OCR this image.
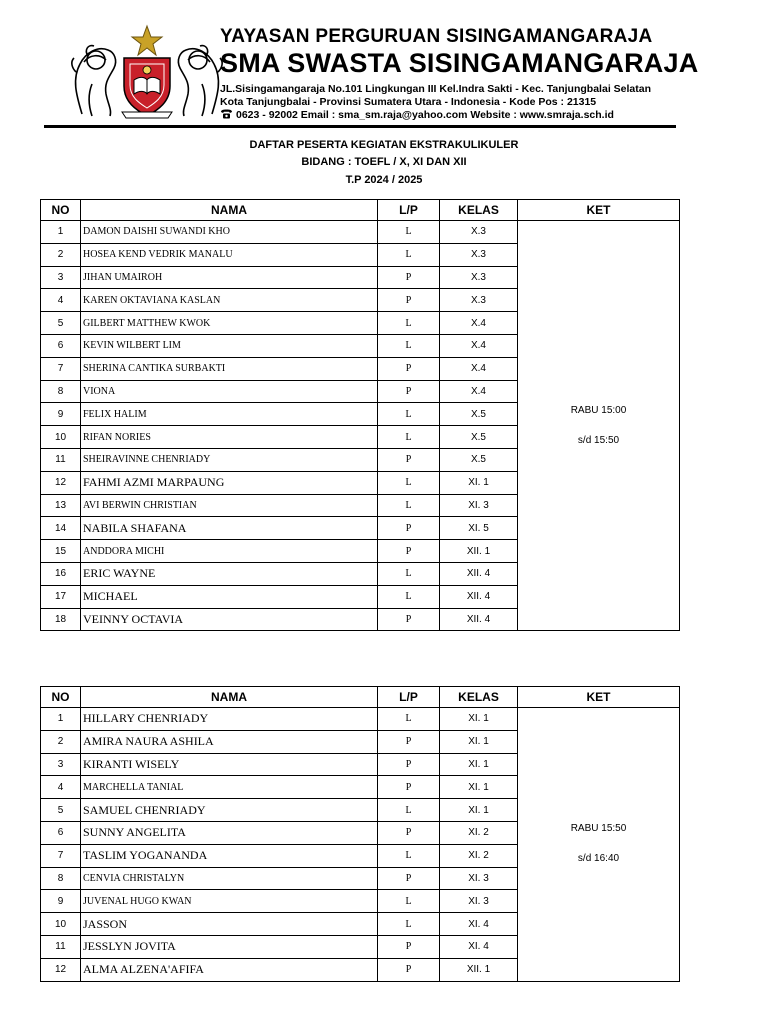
YAYASAN PERGURUAN SISINGAMANGARAJA
SMA SWASTA SISINGAMANGARAJA
JL.Sisingamangaraja No.101 Lingkungan III Kel.Indra Sakti - Kec. Tanjungbalai Selatan
Kota Tanjungbalai - Provinsi Sumatera Utara - Indonesia - Kode Pos : 21315
0623 - 92002 Email : sma_sm.raja@yahoo.com Website : www.smraja.sch.id
DAFTAR PESERTA KEGIATAN EKSTRAKULIKULER
BIDANG : TOEFL / X, XI DAN XII
T.P 2024 / 2025
NO	NAMA	L/P	KELAS	KET
1	DAMON DAISHI SUWANDI KHO	L	X.3	RABU 15:00
s/d 15:50

2	HOSEA KEND VEDRIK MANALU	L	X.3	
3	JIHAN UMAIROH	P	X.3	
4	KAREN OKTAVIANA KASLAN	P	X.3	
5	GILBERT MATTHEW KWOK	L	X.4	
6	KEVIN WILBERT LIM	L	X.4	
7	SHERINA CANTIKA SURBAKTI	P	X.4	
8	VIONA	P	X.4	
9	FELIX HALIM	L	X.5	
10	RIFAN NORIES	L	X.5	
11	SHEIRAVINNE CHENRIADY	P	X.5	
12	FAHMI AZMI MARPAUNG	L	XI. 1	
13	AVI BERWIN CHRISTIAN	L	XI. 3	
14	NABILA SHAFANA	P	XI. 5	
15	ANDDORA MICHI	P	XII. 1	
16	ERIC WAYNE	L	XII. 4	
17	MICHAEL	L	XII. 4	
18	VEINNY OCTAVIA	P	XII. 4	
NO	NAMA	L/P	KELAS	KET
1	HILLARY CHENRIADY	L	XI. 1	RABU 15:50
s/d 16:40

2	AMIRA NAURA ASHILA	P	XI. 1	
3	KIRANTI WISELY	P	XI. 1	
4	MARCHELLA TANIAL	P	XI. 1	
5	SAMUEL CHENRIADY	L	XI. 1	
6	SUNNY ANGELITA	P	XI. 2	
7	TASLIM YOGANANDA	L	XI. 2	
8	CENVIA CHRISTALYN	P	XI. 3	
9	JUVENAL HUGO KWAN	L	XI. 3	
10	JASSON	L	XI. 4	
11	JESSLYN JOVITA	P	XI. 4	
12	ALMA ALZENA'AFIFA	P	XII. 1	
